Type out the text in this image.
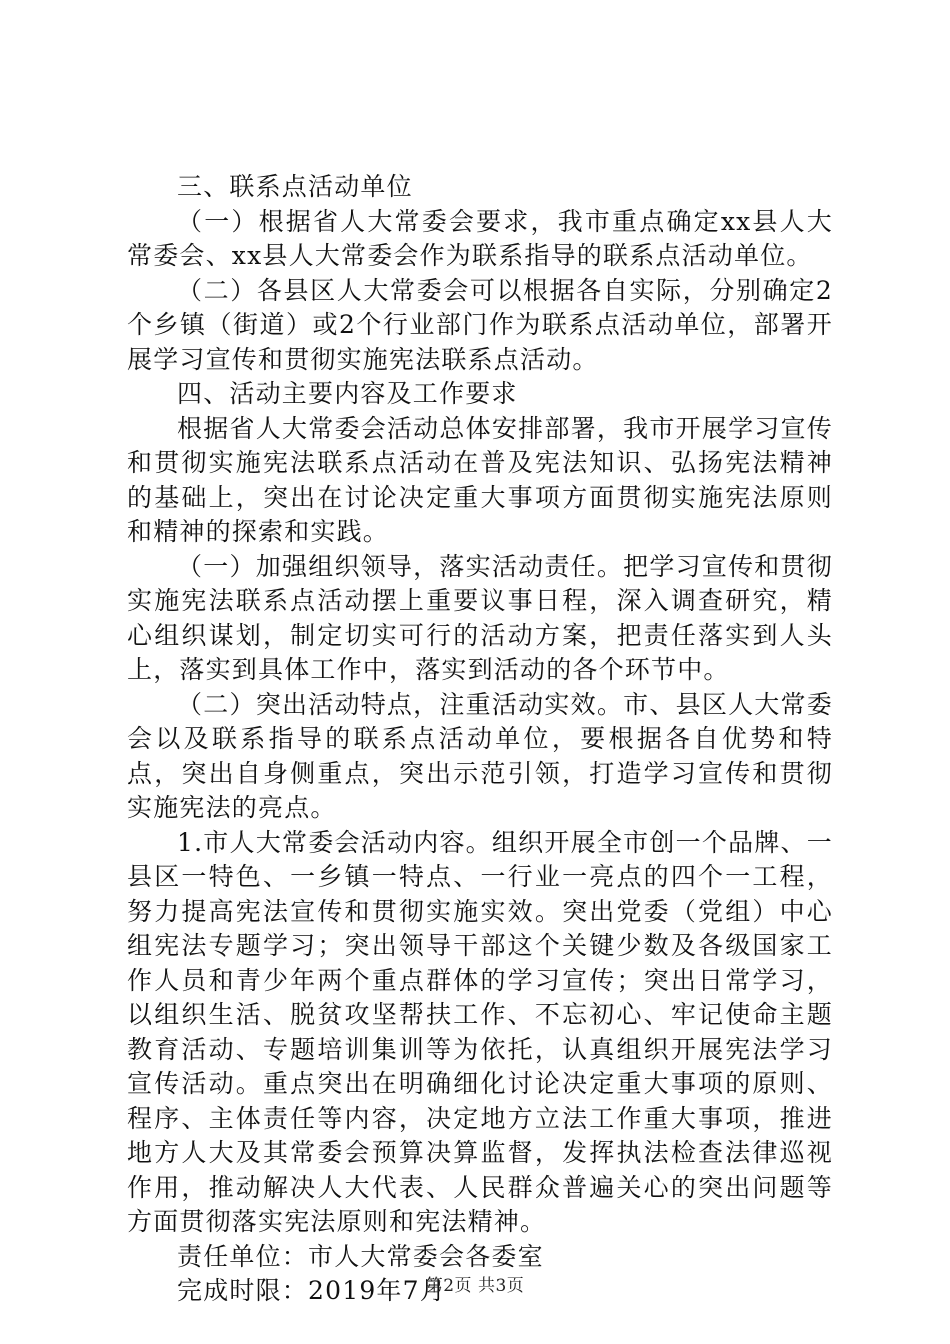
三、联系点活动单位

（一）根据省人大常委会要求，我市重点确定xx县人大常委会、xx县人大常委会作为联系指导的联系点活动单位。

（二）各县区人大常委会可以根据各自实际，分别确定2个乡镇（街道）或2个行业部门作为联系点活动单位，部署开展学习宣传和贯彻实施宪法联系点活动。

四、活动主要内容及工作要求

根据省人大常委会活动总体安排部署，我市开展学习宣传和贯彻实施宪法联系点活动在普及宪法知识、弘扬宪法精神的基础上，突出在讨论决定重大事项方面贯彻实施宪法原则和精神的探索和实践。

（一）加强组织领导，落实活动责任。把学习宣传和贯彻实施宪法联系点活动摆上重要议事日程，深入调查研究，精心组织谋划，制定切实可行的活动方案，把责任落实到人头上，落实到具体工作中，落实到活动的各个环节中。

（二）突出活动特点，注重活动实效。市、县区人大常委会以及联系指导的联系点活动单位，要根据各自优势和特点，突出自身侧重点，突出示范引领，打造学习宣传和贯彻实施宪法的亮点。

1.市人大常委会活动内容。组织开展全市创一个品牌、一县区一特色、一乡镇一特点、一行业一亮点的四个一工程，努力提高宪法宣传和贯彻实施实效。突出党委（党组）中心组宪法专题学习；突出领导干部这个关键少数及各级国家工作人员和青少年两个重点群体的学习宣传；突出日常学习，以组织生活、脱贫攻坚帮扶工作、不忘初心、牢记使命主题教育活动、专题培训集训等为依托，认真组织开展宪法学习宣传活动。重点突出在明确细化讨论决定重大事项的原则、程序、主体责任等内容，决定地方立法工作重大事项，推进地方人大及其常委会预算决算监督，发挥执法检查法律巡视作用，推动解决人大代表、人民群众普遍关心的突出问题等方面贯彻落实宪法原则和宪法精神。

责任单位：市人大常委会各委室

完成时限：2019年7月

第2页 共3页
